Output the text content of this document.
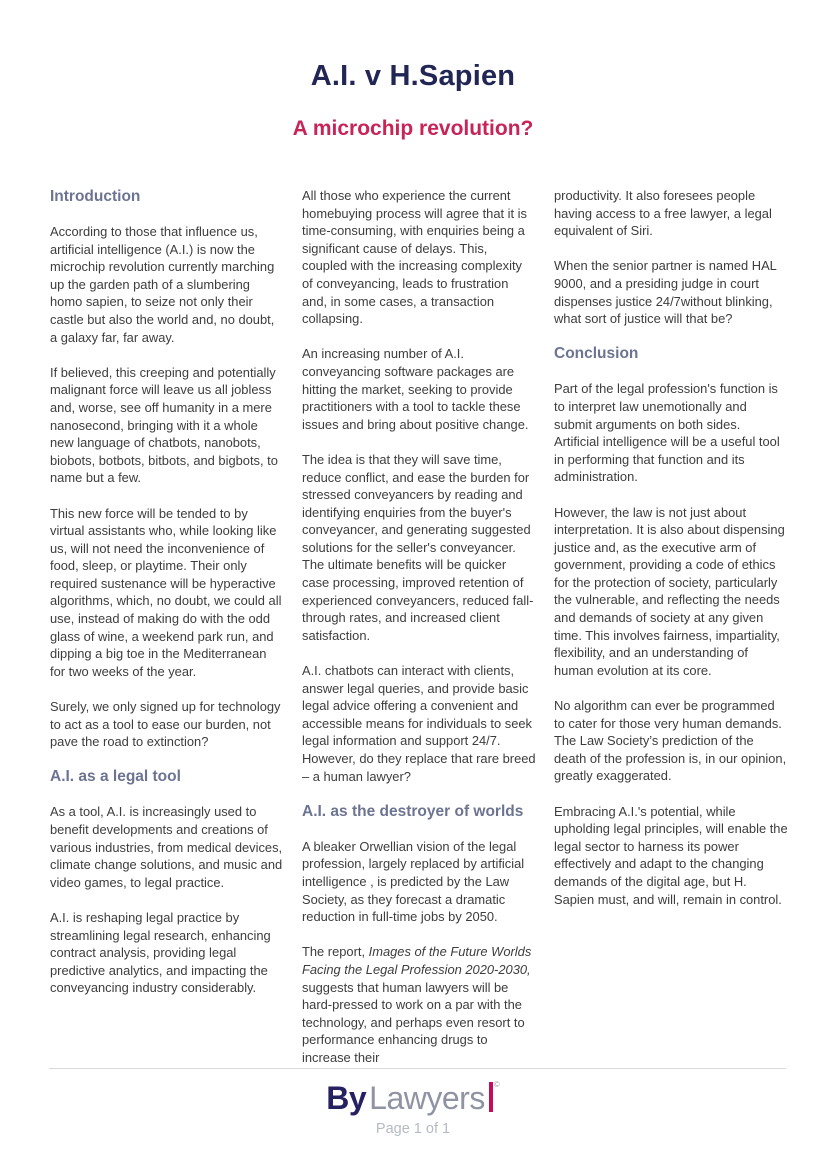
A.I. v H.Sapien
A microchip revolution?
Introduction

According to those that influence us, artificial intelligence (A.I.) is now the microchip revolution currently marching up the garden path of a slumbering homo sapien, to seize not only their castle but also the world and, no doubt, a galaxy far, far away.

If believed, this creeping and potentially malignant force will leave us all jobless and, worse, see off humanity in a mere nanosecond, bringing with it a whole new language of chatbots, nanobots, biobots, botbots, bitbots, and bigbots, to name but a few.

This new force will be tended to by virtual assistants who, while looking like us, will not need the inconvenience of food, sleep, or playtime. Their only required sustenance will be hyperactive algorithms, which, no doubt, we could all use, instead of making do with the odd glass of wine, a weekend park run, and dipping a big toe in the Mediterranean for two weeks of the year.

Surely, we only signed up for technology to act as a tool to ease our burden, not pave the road to extinction?

A.I. as a legal tool

As a tool, A.I. is increasingly used to benefit developments and creations of various industries, from medical devices, climate change solutions, and music and video games, to legal practice.

A.I. is reshaping legal practice by streamlining legal research, enhancing contract analysis, providing legal predictive analytics, and impacting the conveyancing industry considerably.

All those who experience the current homebuying process will agree that it is time-consuming, with enquiries being a significant cause of delays. This, coupled with the increasing complexity of conveyancing, leads to frustration and, in some cases, a transaction collapsing.

An increasing number of A.I. conveyancing software packages are hitting the market, seeking to provide practitioners with a tool to tackle these issues and bring about positive change.

The idea is that they will save time, reduce conflict, and ease the burden for stressed conveyancers by reading and identifying enquiries from the buyer's conveyancer, and generating suggested solutions for the seller's conveyancer. The ultimate benefits will be quicker case processing, improved retention of experienced conveyancers, reduced fall-through rates, and increased client satisfaction.

A.I. chatbots can interact with clients, answer legal queries, and provide basic legal advice offering a convenient and accessible means for individuals to seek legal information and support 24/7. However, do they replace that rare breed – a human lawyer?

A.I. as the destroyer of worlds

A bleaker Orwellian vision of the legal profession, largely replaced by artificial intelligence , is predicted by the Law Society, as they forecast a dramatic reduction in full-time jobs by 2050.

The report, Images of the Future Worlds Facing the Legal Profession 2020-2030, suggests that human lawyers will be hard-pressed to work on a par with the technology, and perhaps even resort to performance enhancing drugs to increase their

productivity. It also foresees people having access to a free lawyer, a legal equivalent of Siri.

When the senior partner is named HAL 9000, and a presiding judge in court dispenses justice 24/7without blinking, what sort of justice will that be?

Conclusion

Part of the legal profession's function is to interpret law unemotionally and submit arguments on both sides. Artificial intelligence will be a useful tool in performing that function and its administration.

However, the law is not just about interpretation. It is also about dispensing justice and, as the executive arm of government, providing a code of ethics for the protection of society, particularly the vulnerable, and reflecting the needs and demands of society at any given time. This involves fairness, impartiality, flexibility, and an understanding of human evolution at its core.

No algorithm can ever be programmed to cater for those very human demands. The Law Society’s prediction of the death of the profession is, in our opinion, greatly exaggerated.

Embracing A.I.'s potential, while upholding legal principles, will enable the legal sector to harness its power effectively and adapt to the changing demands of the digital age, but H. Sapien must, and will, remain in control.

ByLawyers ©
Page 1 of 1
